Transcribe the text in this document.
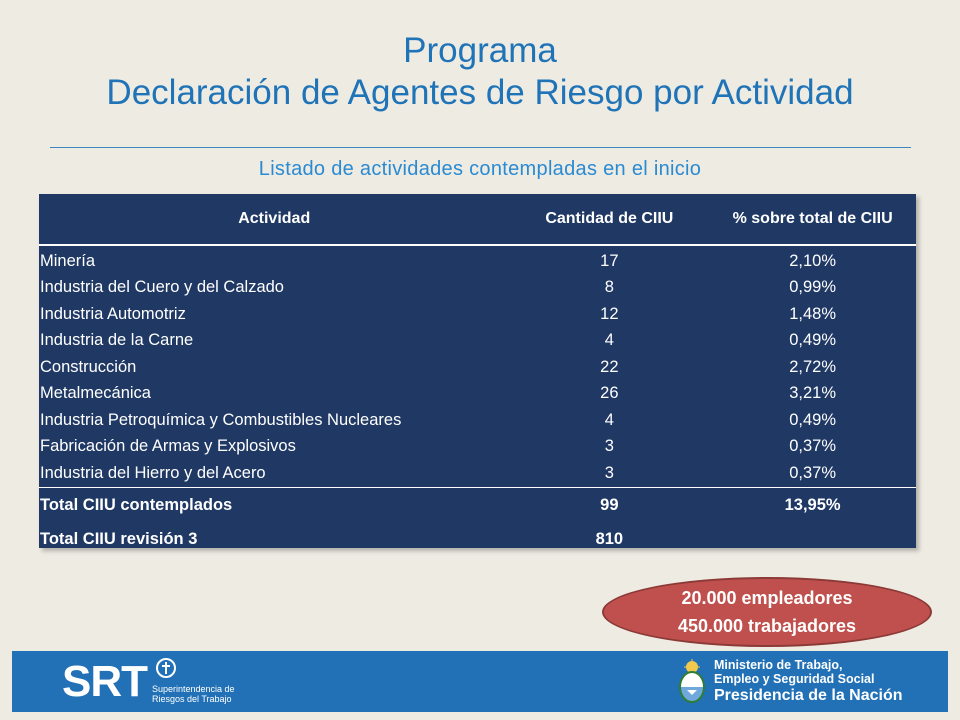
Programa
Declaración de Agentes de Riesgo por Actividad
Listado de actividades contempladas en el inicio
Actividad	Cantidad de CIIU	% sobre total de CIIU
Minería	17	2,10%
Industria del Cuero y del Calzado	8	0,99%
Industria Automotriz	12	1,48%
Industria de la Carne	4	0,49%
Construcción	22	2,72%
Metalmecánica	26	3,21%
Industria Petroquímica y Combustibles Nucleares	4	0,49%
Fabricación de Armas y Explosivos	3	0,37%
Industria del Hierro y del Acero	3	0,37%
Total CIIU contemplados	99	13,95%
Total CIIU revisión 3	810	
20.000 empleadores
450.000 trabajadores
SRT Superintendencia de
Riesgos del Trabajo
Ministerio de Trabajo,
Empleo y Seguridad Social
Presidencia de la Nación
